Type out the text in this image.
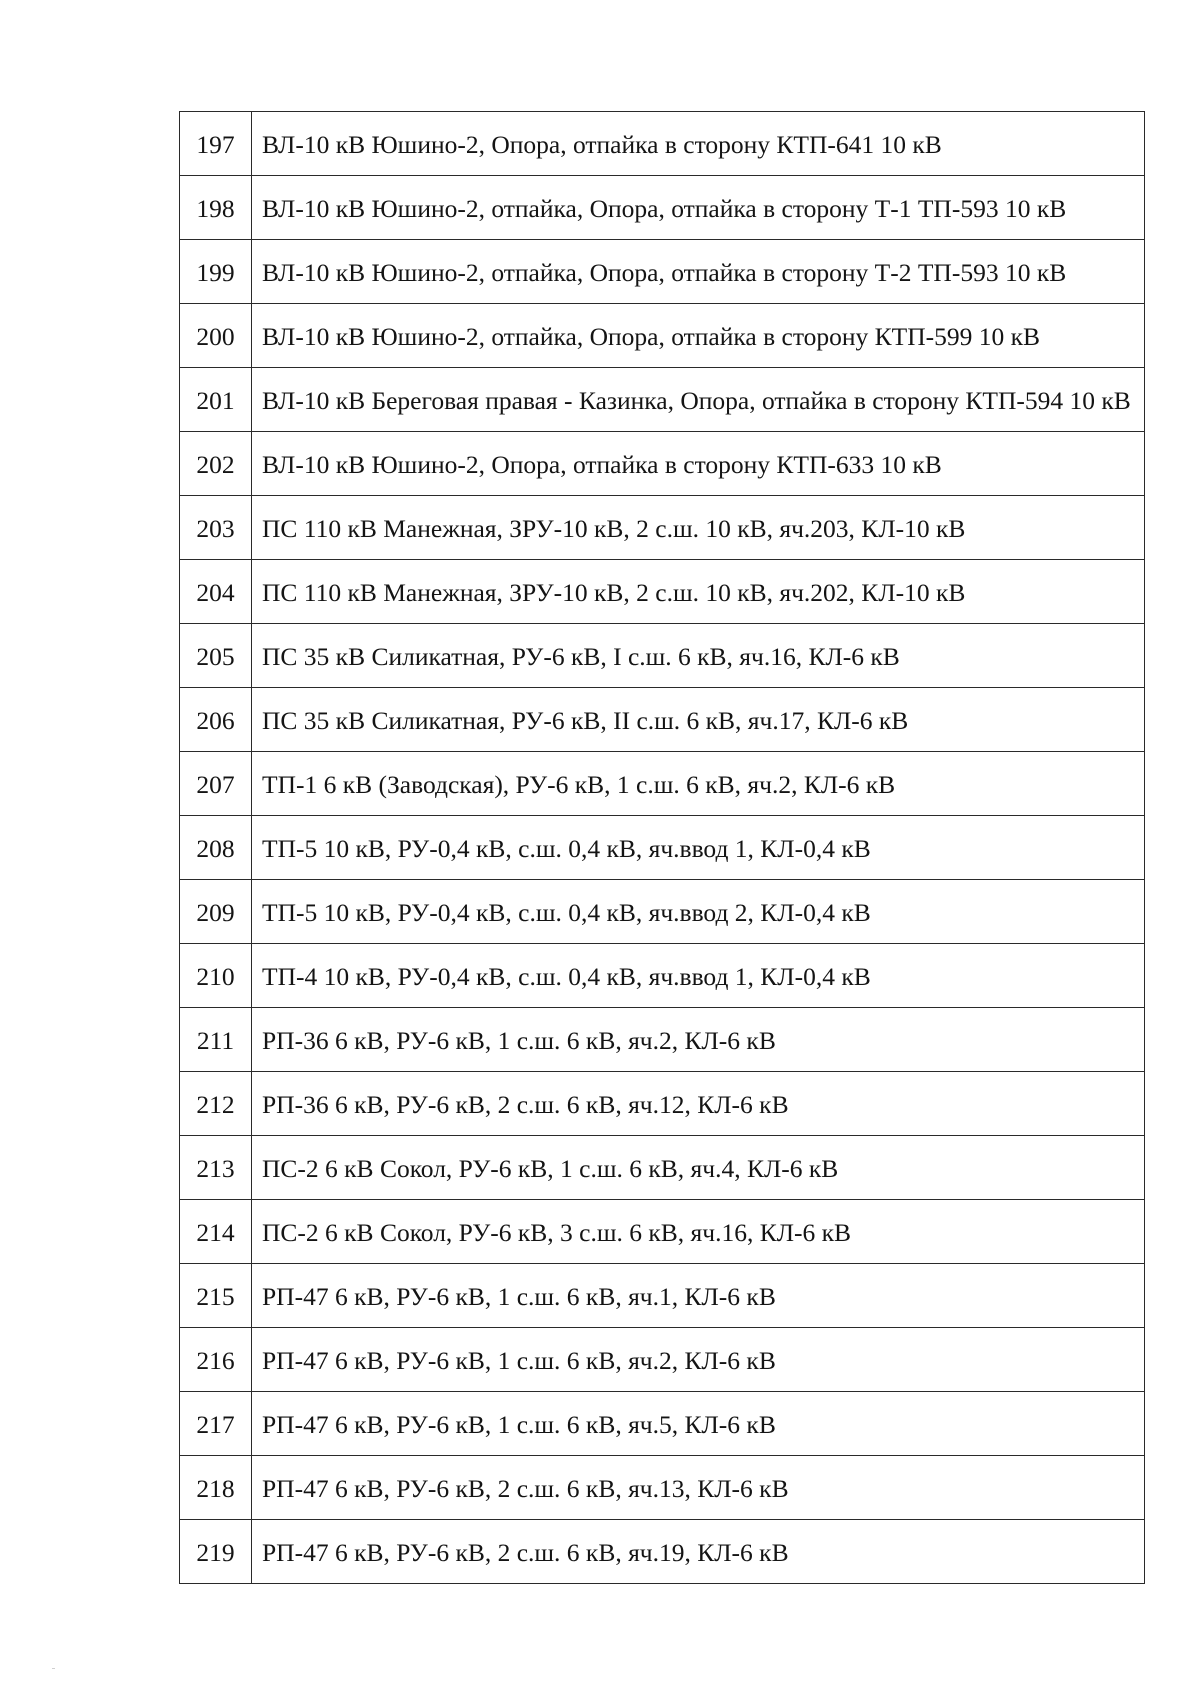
197	ВЛ-10 кВ Юшино-2, Опора, отпайка в сторону КТП-641 10 кВ
198	ВЛ-10 кВ Юшино-2, отпайка, Опора, отпайка в сторону Т-1 ТП-593 10 кВ
199	ВЛ-10 кВ Юшино-2, отпайка, Опора, отпайка в сторону Т-2 ТП-593 10 кВ
200	ВЛ-10 кВ Юшино-2, отпайка, Опора, отпайка в сторону КТП-599 10 кВ
201	ВЛ-10 кВ Береговая правая - Казинка, Опора, отпайка в сторону КТП-594 10 кВ
202	ВЛ-10 кВ Юшино-2, Опора, отпайка в сторону КТП-633 10 кВ
203	ПС 110 кВ Манежная, ЗРУ-10 кВ, 2 с.ш. 10 кВ, яч.203, КЛ-10 кВ
204	ПС 110 кВ Манежная, ЗРУ-10 кВ, 2 с.ш. 10 кВ, яч.202, КЛ-10 кВ
205	ПС 35 кВ Силикатная, РУ-6 кВ, I с.ш. 6 кВ, яч.16, КЛ-6 кВ
206	ПС 35 кВ Силикатная, РУ-6 кВ, II с.ш. 6 кВ, яч.17, КЛ-6 кВ
207	ТП-1 6 кВ (Заводская), РУ-6 кВ, 1 с.ш. 6 кВ, яч.2, КЛ-6 кВ
208	ТП-5 10 кВ, РУ-0,4 кВ, с.ш. 0,4 кВ, яч.ввод 1, КЛ-0,4 кВ
209	ТП-5 10 кВ, РУ-0,4 кВ, с.ш. 0,4 кВ, яч.ввод 2, КЛ-0,4 кВ
210	ТП-4 10 кВ, РУ-0,4 кВ, с.ш. 0,4 кВ, яч.ввод 1, КЛ-0,4 кВ
211	РП-36 6 кВ, РУ-6 кВ, 1 с.ш. 6 кВ, яч.2, КЛ-6 кВ
212	РП-36 6 кВ, РУ-6 кВ, 2 с.ш. 6 кВ, яч.12, КЛ-6 кВ
213	ПС-2 6 кВ Сокол, РУ-6 кВ, 1 с.ш. 6 кВ, яч.4, КЛ-6 кВ
214	ПС-2 6 кВ Сокол, РУ-6 кВ, 3 с.ш. 6 кВ, яч.16, КЛ-6 кВ
215	РП-47 6 кВ, РУ-6 кВ, 1 с.ш. 6 кВ, яч.1, КЛ-6 кВ
216	РП-47 6 кВ, РУ-6 кВ, 1 с.ш. 6 кВ, яч.2, КЛ-6 кВ
217	РП-47 6 кВ, РУ-6 кВ, 1 с.ш. 6 кВ, яч.5, КЛ-6 кВ
218	РП-47 6 кВ, РУ-6 кВ, 2 с.ш. 6 кВ, яч.13, КЛ-6 кВ
219	РП-47 6 кВ, РУ-6 кВ, 2 с.ш. 6 кВ, яч.19, КЛ-6 кВ
